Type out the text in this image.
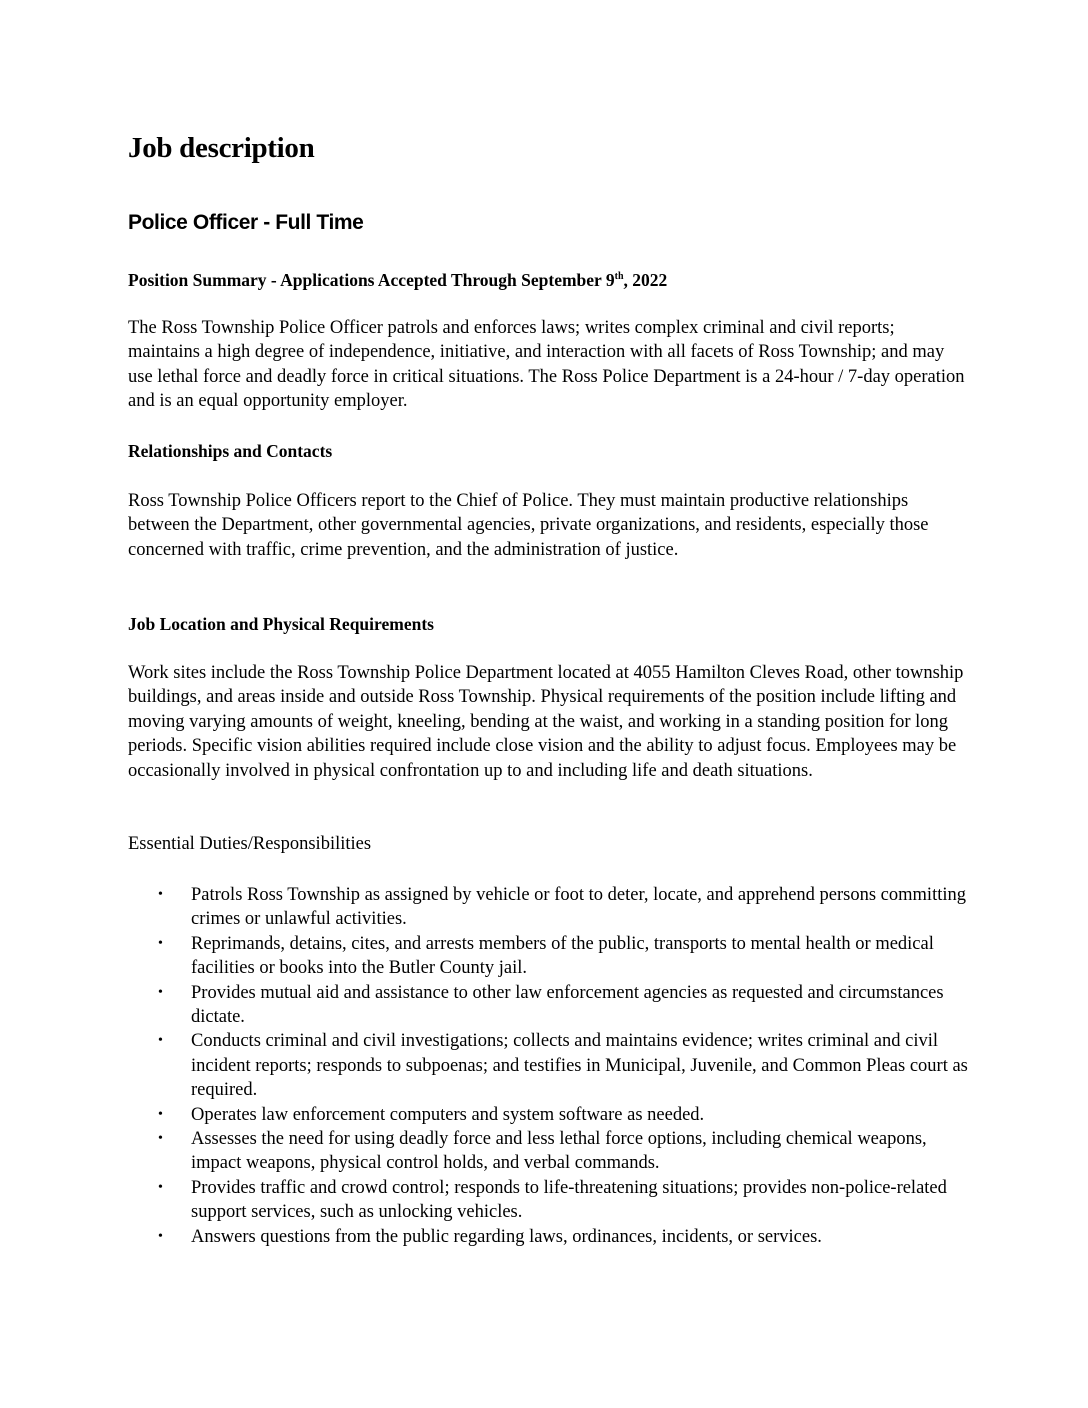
Job description
Police Officer - Full Time
Position Summary - Applications Accepted Through September 9th, 2022

The Ross Township Police Officer patrols and enforces laws; writes complex criminal and civil reports; maintains a high degree of independence, initiative, and interaction with all facets of Ross Township; and may use lethal force and deadly force in critical situations. The Ross Police Department is a 24-hour / 7-day operation and is an equal opportunity employer.

Relationships and Contacts

Ross Township Police Officers report to the Chief of Police. They must maintain productive relationships between the Department, other governmental agencies, private organizations, and residents, especially those concerned with traffic, crime prevention, and the administration of justice.

Job Location and Physical Requirements

Work sites include the Ross Township Police Department located at 4055 Hamilton Cleves Road, other township buildings, and areas inside and outside Ross Township. Physical requirements of the position include lifting and moving varying amounts of weight, kneeling, bending at the waist, and working in a standing position for long periods. Specific vision abilities required include close vision and the ability to adjust focus. Employees may be occasionally involved in physical confrontation up to and including life and death situations.

Essential Duties/Responsibilities

• Patrols Ross Township as assigned by vehicle or foot to deter, locate, and apprehend persons committing crimes or unlawful activities.
• Reprimands, detains, cites, and arrests members of the public, transports to mental health or medical facilities or books into the Butler County jail.
• Provides mutual aid and assistance to other law enforcement agencies as requested and circumstances dictate.
• Conducts criminal and civil investigations; collects and maintains evidence; writes criminal and civil incident reports; responds to subpoenas; and testifies in Municipal, Juvenile, and Common Pleas court as required.
• Operates law enforcement computers and system software as needed.
• Assesses the need for using deadly force and less lethal force options, including chemical weapons, impact weapons, physical control holds, and verbal commands.
• Provides traffic and crowd control; responds to life-threatening situations; provides non-police-related support services, such as unlocking vehicles.
• Answers questions from the public regarding laws, ordinances, incidents, or services.
